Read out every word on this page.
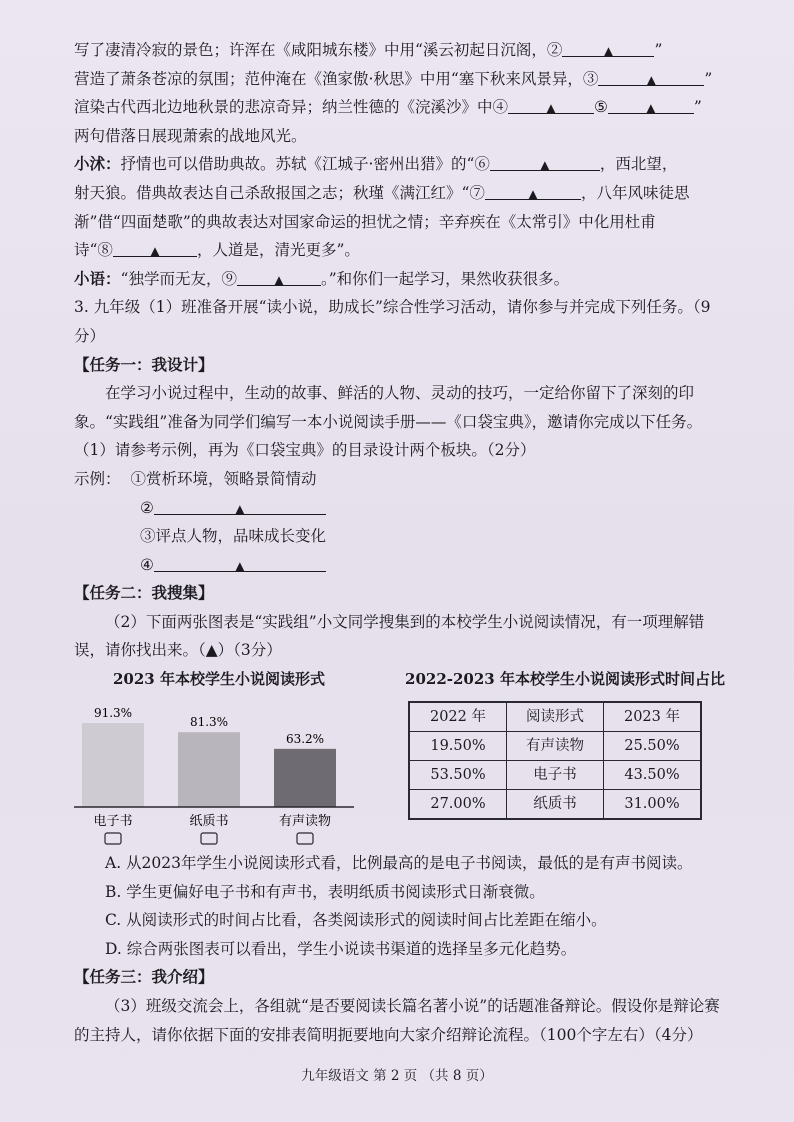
写了凄清冷寂的景色；许浑在《咸阳城东楼》中用“溪云初起日沉阁，②	▲	”

营造了萧条苍凉的氛围；范仲淹在《渔家傲·秋思》中用“塞下秋来风景异，③	▲	”

渲染古代西北边地秋景的悲凉奇异；纳兰性德的《浣溪沙》中④	▲ ⑤	▲ ”

两句借落日展现萧索的战地风光。

小沭：抒情也可以借助典故。苏轼《江城子·密州出猎》的“⑥	▲	，西北望，

射天狼。借典故表达自己杀敌报国之志；秋瑾《满江红》“⑦	▲	，八年风味徒思

渐”借“四面楚歌”的典故表达对国家命运的担忧之情；辛弃疾在《太常引》中化用杜甫

诗“⑧	▲ ，人道是，清光更多”。

小语：“独学而无友，⑨	▲ 。”和你们一起学习，果然收获很多。

3. 九年级（1）班准备开展“读小说，助成长”综合性学习活动，请你参与并完成下列任务。（9分）

【任务一：我设计】

在学习小说过程中，生动的故事、鲜活的人物、灵动的技巧，一定给你留下了深刻的印象。“实践组”准备为同学们编写一本小说阅读手册——《口袋宝典》，邀请你完成以下任务。

（1）请参考示例，再为《口袋宝典》的目录设计两个板块。（2分）

示例： ①赏析环境，领略景简情动
②	▲
③评点人物，品味成长变化
④	▲

【任务二：我搜集】

（2）下面两张图表是“实践组”小文同学搜集到的本校学生小说阅读情况，有一项理解错误，请你找出来。（▲）（3分）

2023 年本校学生小说阅读形式
91.3%
电子书
81.3%
纸质书
63.2%
有声读物
2022-2023 年本校学生小说阅读形式时间占比
2022 年	阅读形式	2023 年
19.50%	有声读物	25.50%
53.50%	电子书	43.50%
27.00%	纸质书	31.00%

A. 从2023年学生小说阅读形式看，比例最高的是电子书阅读，最低的是有声书阅读。

B. 学生更偏好电子书和有声书，表明纸质书阅读形式日渐衰微。

C. 从阅读形式的时间占比看，各类阅读形式的阅读时间占比差距在缩小。

D. 综合两张图表可以看出，学生小说读书渠道的选择呈多元化趋势。

【任务三：我介绍】

（3）班级交流会上，各组就“是否要阅读长篇名著小说”的话题准备辩论。假设你是辩论赛的主持人，请你依据下面的安排表简明扼要地向大家介绍辩论流程。（100个字左右）（4分）

九年级语文 第 2 页 （共 8 页）
